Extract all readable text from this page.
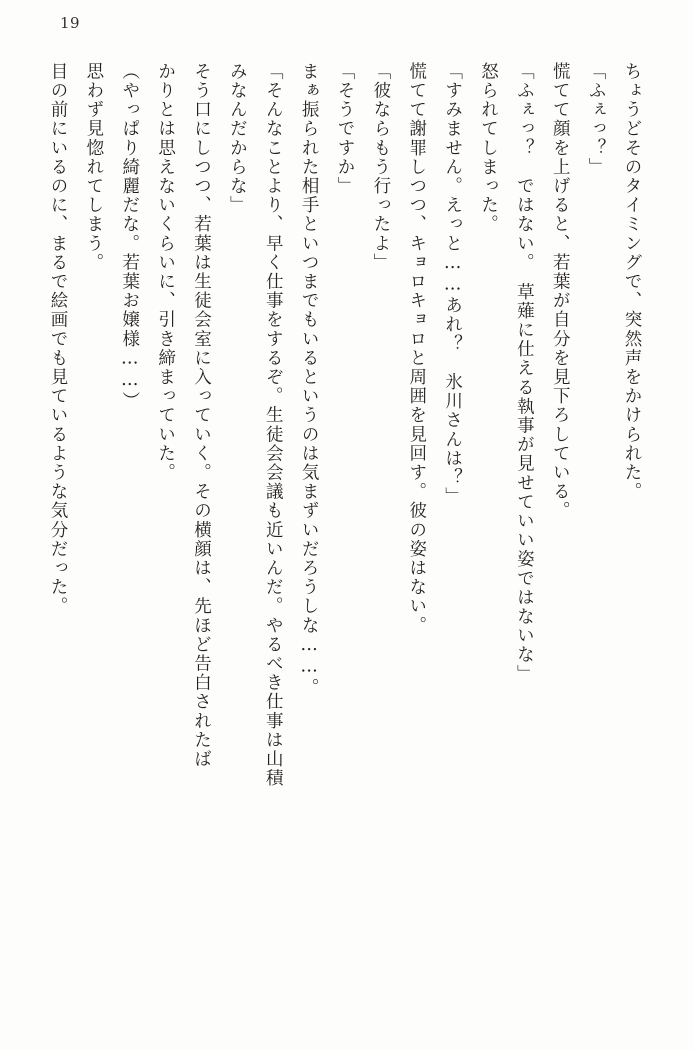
19

ちょうどそのタイミングで、突然声をかけられた。

「ふぇっ？」

慌てて顔を上げると、若葉が自分を見下ろしている。

「ふぇっ？　ではない。　草薙に仕える執事が見せていい姿ではないな」

怒られてしまった。

「すみません。えっと……あれ？　氷川さんは？」

慌てて謝罪しつつ、キョロキョロと周囲を見回す。彼の姿はない。

「彼ならもう行ったよ」

「そうですか」

まぁ振られた相手といつまでもいるというのは気まずいだろうしな……。

「そんなことより、早く仕事をするぞ。生徒会会議も近いんだ。やるべき仕事は山積

みなんだからな」

そう口にしつつ、若葉は生徒会室に入っていく。その横顔は、先ほど告白されたば

かりとは思えないくらいに、引き締まっていた。

（やっぱり綺麗だな。若葉お嬢様……）

思わず見惚れてしまう。

目の前にいるのに、まるで絵画でも見ているような気分だった。
